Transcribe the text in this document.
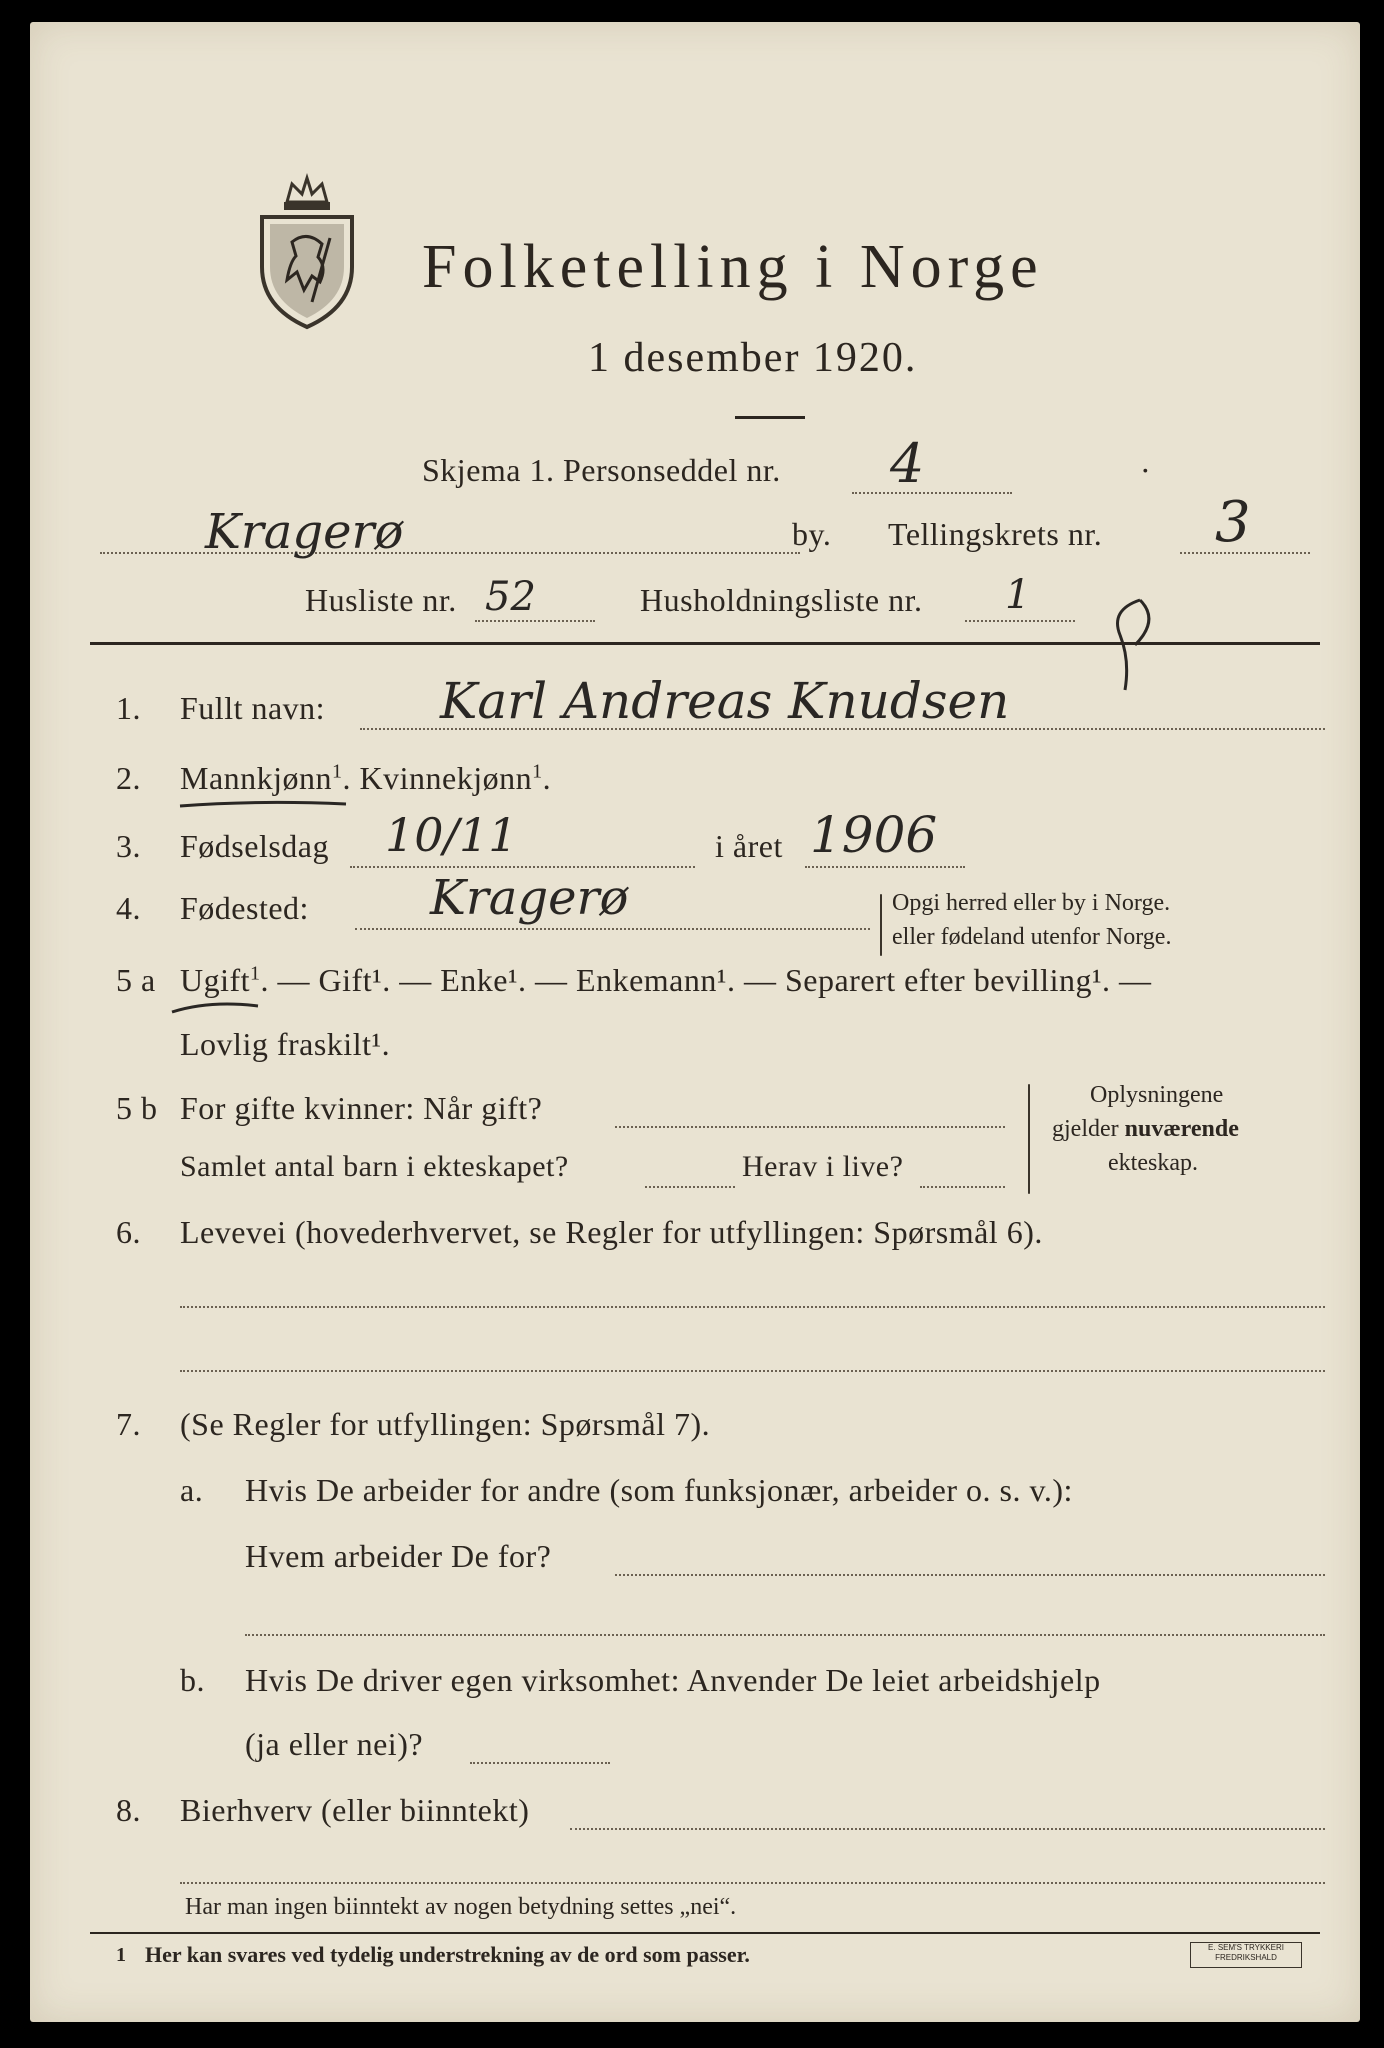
Folketelling i Norge
1 desember 1920.
Skjema 1. Personseddel nr. 4	·
Kragerø	by. Tellingskrets nr. 3
Husliste nr. 52	Husholdningsliste nr. 1
1. Fullt navn: Karl Andreas Knudsen
2. Mannkjønn$^1$. Kvinnekjønn$^1$.
3. Fødselsdag 10/11	i året 1906
4. Fødested:	Kragerø	Opgi herred eller by i Norge.
eller fødeland utenfor Norge.
5 a Ugift$^1$. — Gift¹. — Enke¹. — Enkemann¹. — Separert efter bevilling¹. —
Lovlig fraskilt¹.
5 b For gifte kvinner: Når gift?
Samlet antal barn i ekteskapet?	Herav i live?
Oplysningene
gjelder nuværende
ekteskap.
6. Levevei (hovederhvervet, se Regler for utfyllingen: Spørsmål 6).
7. (Se Regler for utfyllingen: Spørsmål 7).
a. Hvis De arbeider for andre (som funksjonær, arbeider o. s. v.):
Hvem arbeider De for?
b. Hvis De driver egen virksomhet: Anvender De leiet arbeidshjelp
(ja eller nei)?
8. Bierhverv (eller biinntekt)
Har man ingen biinntekt av nogen betydning settes „nei“.
1 Her kan svares ved tydelig understrekning av de ord som passer.	E. SEM'S TRYKKERI
FREDRIKSHALD
